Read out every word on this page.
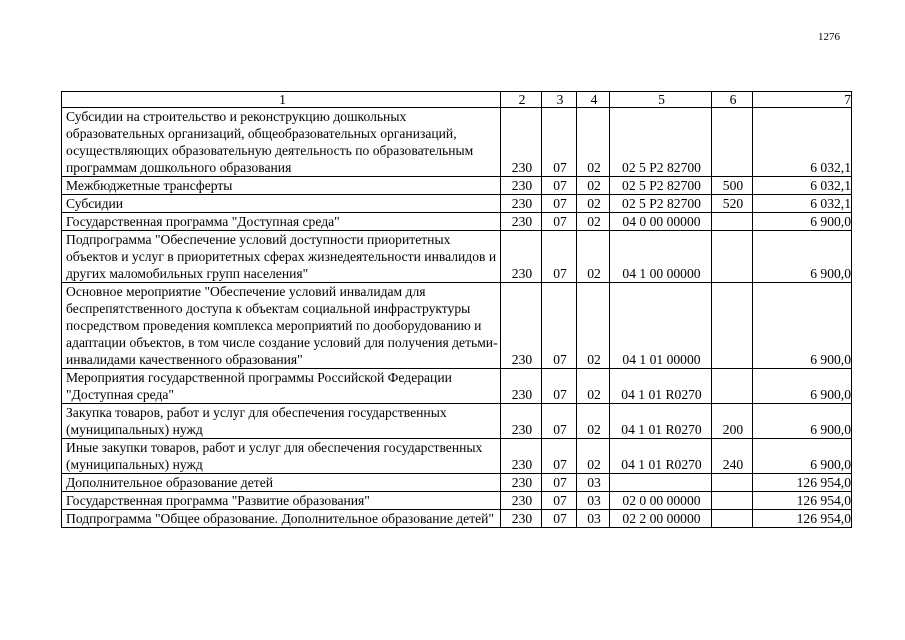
1276
1	2	3	4	5	6	7
Субсидии на строительство и реконструкцию дошкольных образовательных организаций, общеобразовательных организаций, осуществляющих образовательную деятельность по образовательным программам дошкольного образования	230	07	02	02 5 Р2 82700		6 032,1
Межбюджетные трансферты	230	07	02	02 5 Р2 82700	500	6 032,1
Субсидии	230	07	02	02 5 Р2 82700	520	6 032,1
Государственная программа "Доступная среда"	230	07	02	04 0 00 00000		6 900,0
Подпрограмма "Обеспечение условий доступности приоритетных объектов и услуг в приоритетных сферах жизнедеятельности инвалидов и других маломобильных групп населения"	230	07	02	04 1 00 00000		6 900,0
Основное мероприятие "Обеспечение условий инвалидам для беспрепятственного доступа к объектам социальной инфраструктуры посредством проведения комплекса мероприятий по дооборудованию и адаптации объектов, в том числе создание условий для получения детьми-инвалидами качественного образования"	230	07	02	04 1 01 00000		6 900,0
Мероприятия государственной программы Российской Федерации "Доступная среда"	230	07	02	04 1 01 R0270		6 900,0
Закупка товаров, работ и услуг для обеспечения государственных (муниципальных) нужд	230	07	02	04 1 01 R0270	200	6 900,0
Иные закупки товаров, работ и услуг для обеспечения государственных (муниципальных) нужд	230	07	02	04 1 01 R0270	240	6 900,0
Дополнительное образование детей	230	07	03			126 954,0
Государственная программа "Развитие образования"	230	07	03	02 0 00 00000		126 954,0
Подпрограмма "Общее образование. Дополнительное образование детей"	230	07	03	02 2 00 00000		126 954,0
